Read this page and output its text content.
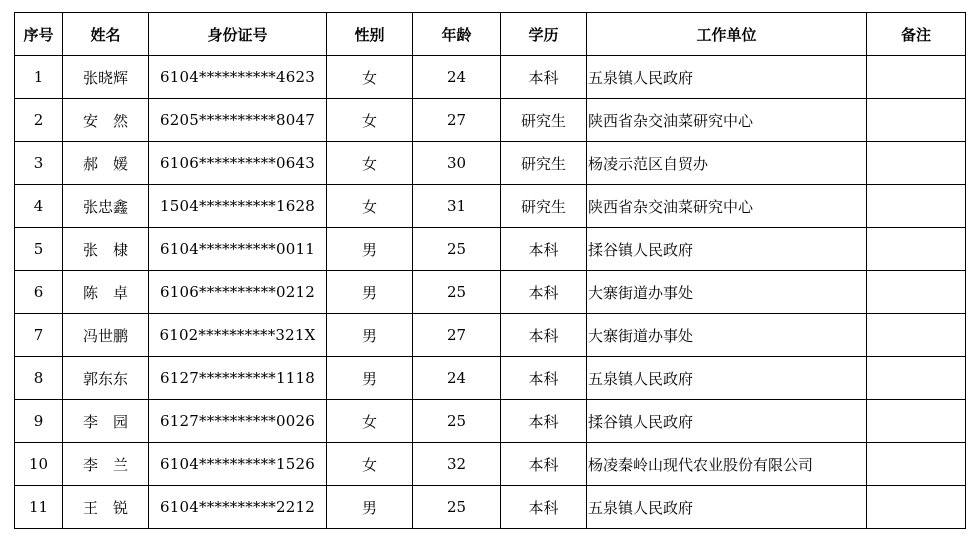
序号	姓名	身份证号	性别	年龄	学历	工作单位	备注
1	张晓辉	6104**********4623	女	24	本科	五泉镇人民政府	
2	安　然	6205**********8047	女	27	研究生	陕西省杂交油菜研究中心	
3	郝　媛	6106**********0643	女	30	研究生	杨凌示范区自贸办	
4	张忠鑫	1504**********1628	女	31	研究生	陕西省杂交油菜研究中心	
5	张　棣	6104**********0011	男	25	本科	揉谷镇人民政府	
6	陈　卓	6106**********0212	男	25	本科	大寨街道办事处	
7	冯世鹏	6102**********321X	男	27	本科	大寨街道办事处	
8	郭东东	6127**********1118	男	24	本科	五泉镇人民政府	
9	李　园	6127**********0026	女	25	本科	揉谷镇人民政府	
10	李　兰	6104**********1526	女	32	本科	杨凌秦岭山现代农业股份有限公司	
11	王　锐	6104**********2212	男	25	本科	五泉镇人民政府	
